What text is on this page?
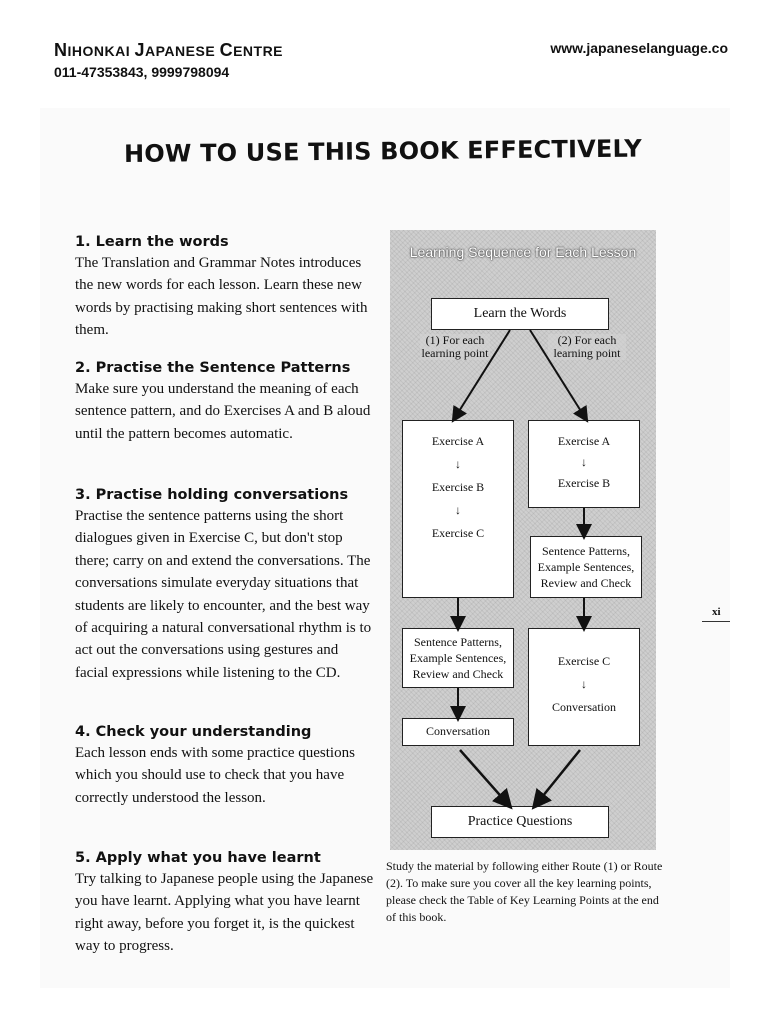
NIHONKAI JAPANESE CENTRE
011-47353843, 9999798094
www.japaneselanguage.co
HOW TO USE THIS BOOK EFFECTIVELY
1. Learn the words

The Translation and Grammar Notes introduces the new words for each lesson. Learn these new words by practising making short sentences with them.

2. Practise the Sentence Patterns

Make sure you understand the meaning of each sentence pattern, and do Exercises A and B aloud until the pattern becomes automatic.

3. Practise holding conversations

Practise the sentence patterns using the short dialogues given in Exercise C, but don't stop there; carry on and extend the conversations. The conversations simulate everyday situations that students are likely to encounter, and the best way of acquiring a natural conversational rhythm is to act out the conversations using gestures and facial expressions while listening to the CD.

4. Check your understanding

Each lesson ends with some practice questions which you should use to check that you have correctly understood the lesson.

5. Apply what you have learnt

Try talking to Japanese people using the Japanese you have learnt. Applying what you have learnt right away, before you forget it, is the quickest way to progress.

Learning Sequence for Each Lesson
Learn the Words
(1) For each learning point
(2) For each learning point
Exercise A
↓
Exercise B
↓
Exercise C
Exercise A
↓
Exercise B
Sentence Patterns,
Example Sentences,
Review and Check
Sentence Patterns,
Example Sentences,
Review and Check
Exercise C
↓
Conversation
Conversation
Practice Questions
Study the material by following either Route (1) or Route (2). To make sure you cover all the key learning points, please check the Table of Key Learning Points at the end of this book.
xi
